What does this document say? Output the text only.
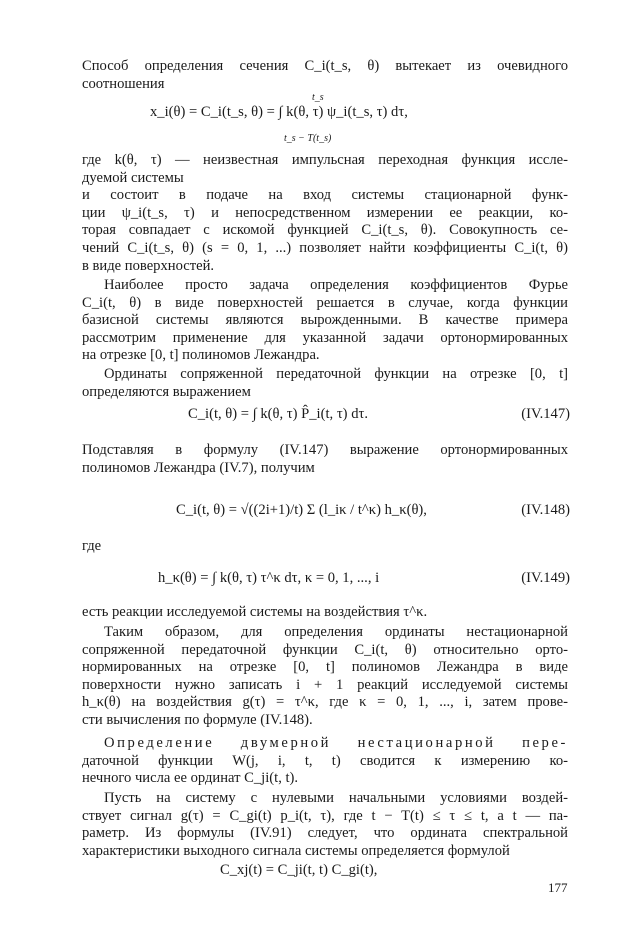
Способ определения сечения C_i(t_s, θ) вытекает из очевидного
соотношения
x_i(θ) = C_i(t_s, θ) = ∫ k(θ, τ) ψ_i(t_s, τ) dτ,
t_s
t_s − T(t_s)
где k(θ, τ) — неизвестная импульсная переходная функция иссле-
дуемой системы
и состоит в подаче на вход системы стационарной функ-
ции ψ_i(t_s, τ) и непосредственном измерении ее реакции, ко-
торая совпадает с искомой функцией C_i(t_s, θ). Совокупность се-
чений C_i(t_s, θ) (s = 0, 1, ...) позволяет найти коэффициенты C_i(t, θ)
в виде поверхностей.
Наиболее просто задача определения коэффициентов Фурье
C_i(t, θ) в виде поверхностей решается в случае, когда функции
базисной системы являются вырожденными. В качестве примера
рассмотрим применение для указанной задачи ортонормированных
на отрезке [0, t] полиномов Лежандра.
Ординаты сопряженной передаточной функции на отрезке [0, t]
определяются выражением
C_i(t, θ) = ∫ k(θ, τ) P̂_i(t, τ) dτ.	(IV.147)
Подставляя в формулу (IV.147) выражение ортонормированных
полиномов Лежандра (IV.7), получим
C_i(t, θ) = √((2i+1)/t) Σ (l_iκ / t^κ) h_κ(θ),	(IV.148)
где
h_κ(θ) = ∫ k(θ, τ) τ^κ dτ, κ = 0, 1, ..., i	(IV.149)
есть реакции исследуемой системы на воздействия τ^κ.
Таким образом, для определения ординаты нестационарной
сопряженной передаточной функции C_i(t, θ) относительно орто-
нормированных на отрезке [0, t] полиномов Лежандра в виде
поверхности нужно записать i + 1 реакций исследуемой системы
h_κ(θ) на воздействия g(τ) = τ^κ, где κ = 0, 1, ..., i, затем прове-
сти вычисления по формуле (IV.148).
Определение двумерной нестационарной пере-
даточной функции W(j, i, t, t) сводится к измерению ко-
нечного числа ее ординат C_ji(t, t).
Пусть на систему с нулевыми начальными условиями воздей-
ствует сигнал g(τ) = C_gi(t) p_i(t, τ), где t − T(t) ≤ τ ≤ t, a t — па-
раметр. Из формулы (IV.91) следует, что ордината спектральной
характеристики выходного сигнала системы определяется формулой
C_xj(t) = C_ji(t, t) C_gi(t),
177
